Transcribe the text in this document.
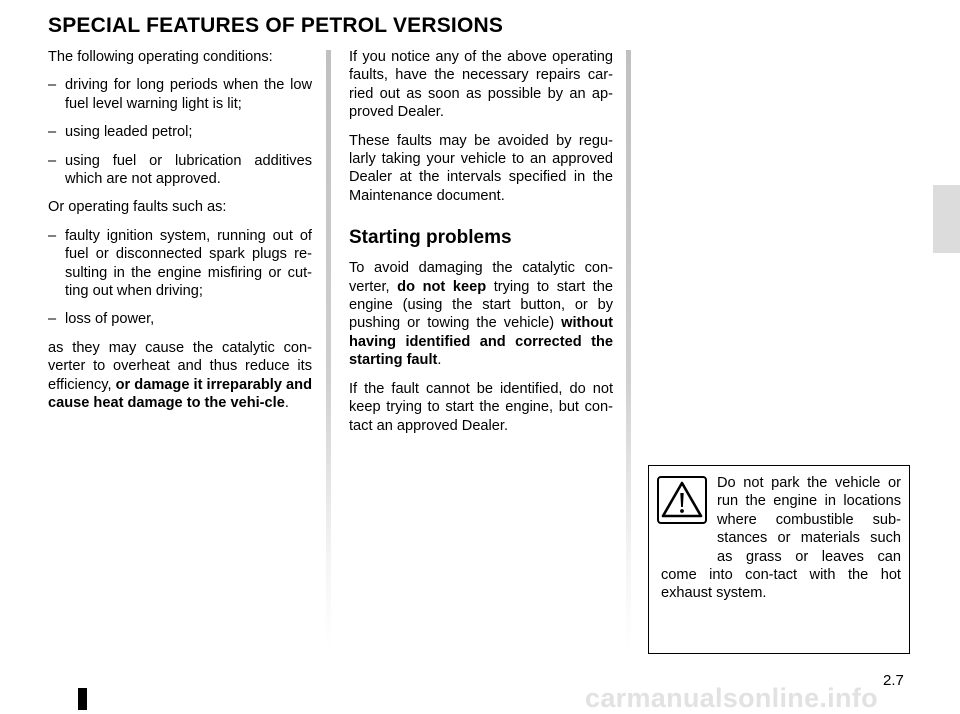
SPECIAL FEATURES OF PETROL VERSIONS

The following operating conditions:

– driving for long periods when the low fuel level warning light is lit;
– using leaded petrol;
– using fuel or lubrication additives which are not approved.

Or operating faults such as:

– faulty ignition system, running out of fuel or disconnected spark plugs re-sulting in the engine misfiring or cut-ting out when driving;
– loss of power,

as they may cause the catalytic con-verter to overheat and thus reduce its efficiency, or damage it irreparably and cause heat damage to the vehi-cle.

If you notice any of the above operating faults, have the necessary repairs car-ried out as soon as possible by an ap-proved Dealer.

These faults may be avoided by regu-larly taking your vehicle to an approved Dealer at the intervals specified in the Maintenance document.

Starting problems

To avoid damaging the catalytic con-verter, do not keep trying to start the engine (using the start button, or by pushing or towing the vehicle) without having identified and corrected the starting fault.

If the fault cannot be identified, do not keep trying to start the engine, but con-tact an approved Dealer.

Do not park the vehicle or run the engine in locations where combustible sub-stances or materials such as grass or leaves can come into con-tact with the hot exhaust system.

2.7
carmanualsonline.info
